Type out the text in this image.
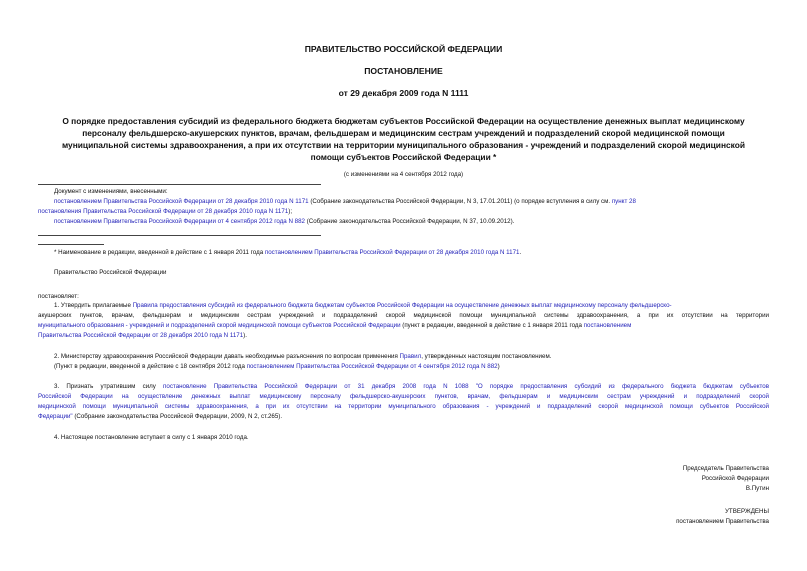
ПРАВИТЕЛЬСТВО РОССИЙСКОЙ ФЕДЕРАЦИИ
ПОСТАНОВЛЕНИЕ
от 29 декабря 2009 года N 1111
О порядке предоставления субсидий из федерального бюджета бюджетам субъектов Российской Федерации на осуществление денежных выплат медицинскому
персоналу фельдшерско-акушерских пунктов, врачам, фельдшерам и медицинским сестрам учреждений и подразделений скорой медицинской помощи
муниципальной системы здравоохранения, а при их отсутствии на территории муниципального образования - учреждений и подразделений скорой медицинской
помощи субъектов Российской Федерации *
(с изменениями на 4 сентября 2012 года)
Документ с изменениями, внесенными:
постановлением Правительства Российской Федерации от 28 декабря 2010 года N 1171 (Собрание законодательства Российской Федерации, N 3, 17.01.2011) (о порядке вступления в силу см. пункт 28
постановления Правительства Российской Федерации от 28 декабря 2010 года N 1171);
постановлением Правительства Российской Федерации от 4 сентября 2012 года N 882 (Собрание законодательства Российской Федерации, N 37, 10.09.2012).
* Наименование в редакции, введенной в действие с 1 января 2011 года постановлением Правительства Российской Федерации от 28 декабря 2010 года N 1171.
Правительство Российской Федерации
постановляет:
1. Утвердить прилагаемые Правила предоставления субсидий из федерального бюджета бюджетам субъектов Российской Федерации на осуществление денежных выплат медицинскому персоналу фельдшерско-
акушерских пунктов, врачам, фельдшерам и медицинским сестрам учреждений и подразделений скорой медицинской помощи муниципальной системы здравоохранения, а при их отсутствии на территории
муниципального образования - учреждений и подразделений скорой медицинской помощи субъектов Российской Федерации (пункт в редакции, введенной в действие с 1 января 2011 года постановлением
Правительства Российской Федерации от 28 декабря 2010 года N 1171).
2. Министерству здравоохранения Российской Федерации давать необходимые разъяснения по вопросам применения Правил, утвержденных настоящим постановлением.
(Пункт в редакции, введенной в действие с 18 сентября 2012 года постановлением Правительства Российской Федерации от 4 сентября 2012 года N 882)
3. Признать утратившим силу постановление Правительства Российской Федерации от 31 декабря 2008 года N 1088 "О порядке предоставления субсидий из федерального бюджета бюджетам субъектов
Российской Федерации на осуществление денежных выплат медицинскому персоналу фельдшерско-акушерских пунктов, врачам, фельдшерам и медицинским сестрам учреждений и подразделений скорой
медицинской помощи муниципальной системы здравоохранения, а при их отсутствии на территории муниципального образования - учреждений и подразделений скорой медицинской помощи субъектов Российской
Федерации" (Собрание законодательства Российской Федерации, 2009, N 2, ст.265).
4. Настоящее постановление вступает в силу с 1 января 2010 года.
Председатель Правительства
Российской Федерации
В.Путин
УТВЕРЖДЕНЫ
постановлением Правительства
